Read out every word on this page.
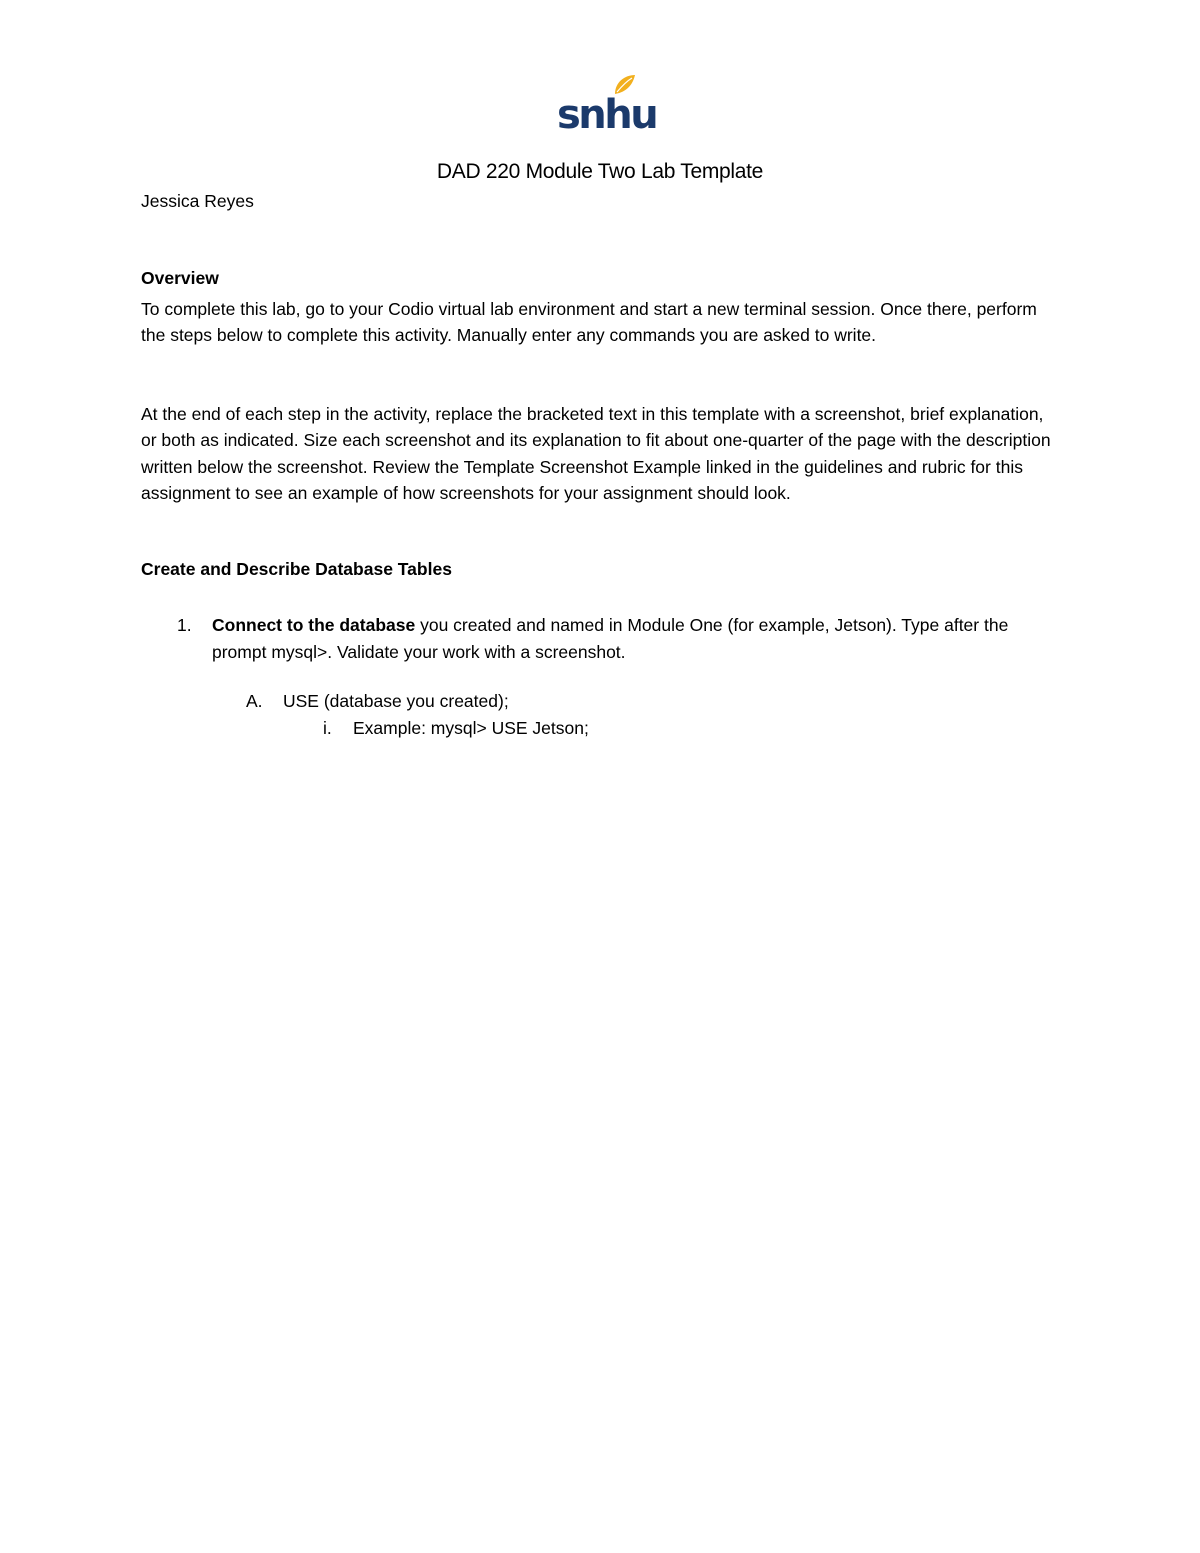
snhu
DAD 220 Module Two Lab Template
Jessica Reyes
Overview
To complete this lab, go to your Codio virtual lab environment and start a new terminal session. Once there, perform the steps below to complete this activity. Manually enter any commands you are asked to write.
At the end of each step in the activity, replace the bracketed text in this template with a screenshot, brief explanation, or both as indicated. Size each screenshot and its explanation to fit about one-quarter of the page with the description written below the screenshot. Review the Template Screenshot Example linked in the guidelines and rubric for this assignment to see an example of how screenshots for your assignment should look.
Create and Describe Database Tables
1. Connect to the database you created and named in Module One (for example, Jetson). Type after the prompt mysql>. Validate your work with a screenshot.
A. USE (database you created);
i. Example: mysql> USE Jetson;
